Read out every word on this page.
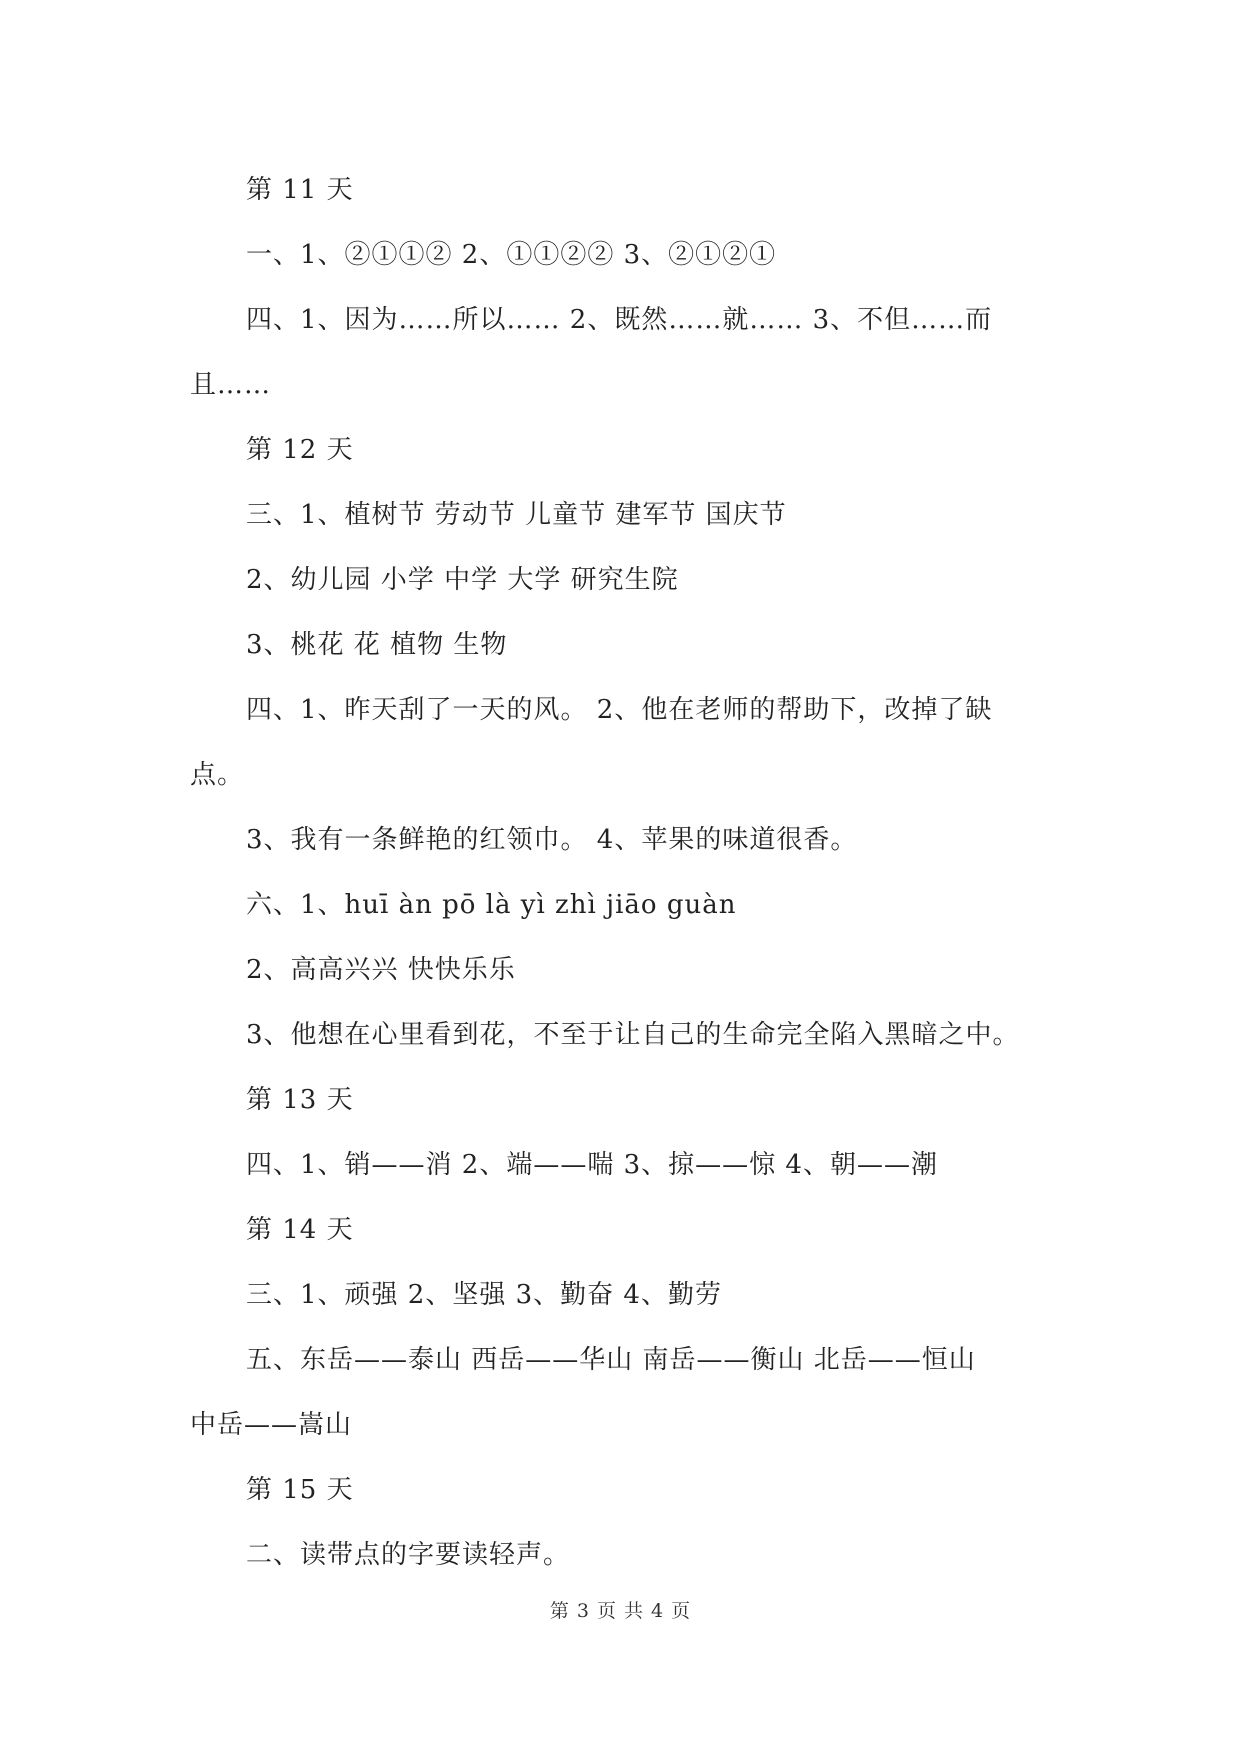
第 11 天
一、1、②①①② 2、①①②② 3、②①②①
四、1、因为……所以…… 2、既然……就…… 3、不但……而
且……
第 12 天
三、1、植树节 劳动节 儿童节 建军节 国庆节
2、幼儿园 小学 中学 大学 研究生院
3、桃花 花 植物 生物
四、1、昨天刮了一天的风。 2、他在老师的帮助下，改掉了缺
点。
3、我有一条鲜艳的红领巾。 4、苹果的味道很香。
六、1、huī àn pō là yì zhì jiāo guàn
2、高高兴兴 快快乐乐
3、他想在心里看到花，不至于让自己的生命完全陷入黑暗之中。
第 13 天
四、1、销——消 2、端——喘 3、掠——惊 4、朝——潮
第 14 天
三、1、顽强 2、坚强 3、勤奋 4、勤劳
五、东岳——泰山 西岳——华山 南岳——衡山 北岳——恒山
中岳——嵩山
第 15 天
二、读带点的字要读轻声。
第 3 页 共 4 页
